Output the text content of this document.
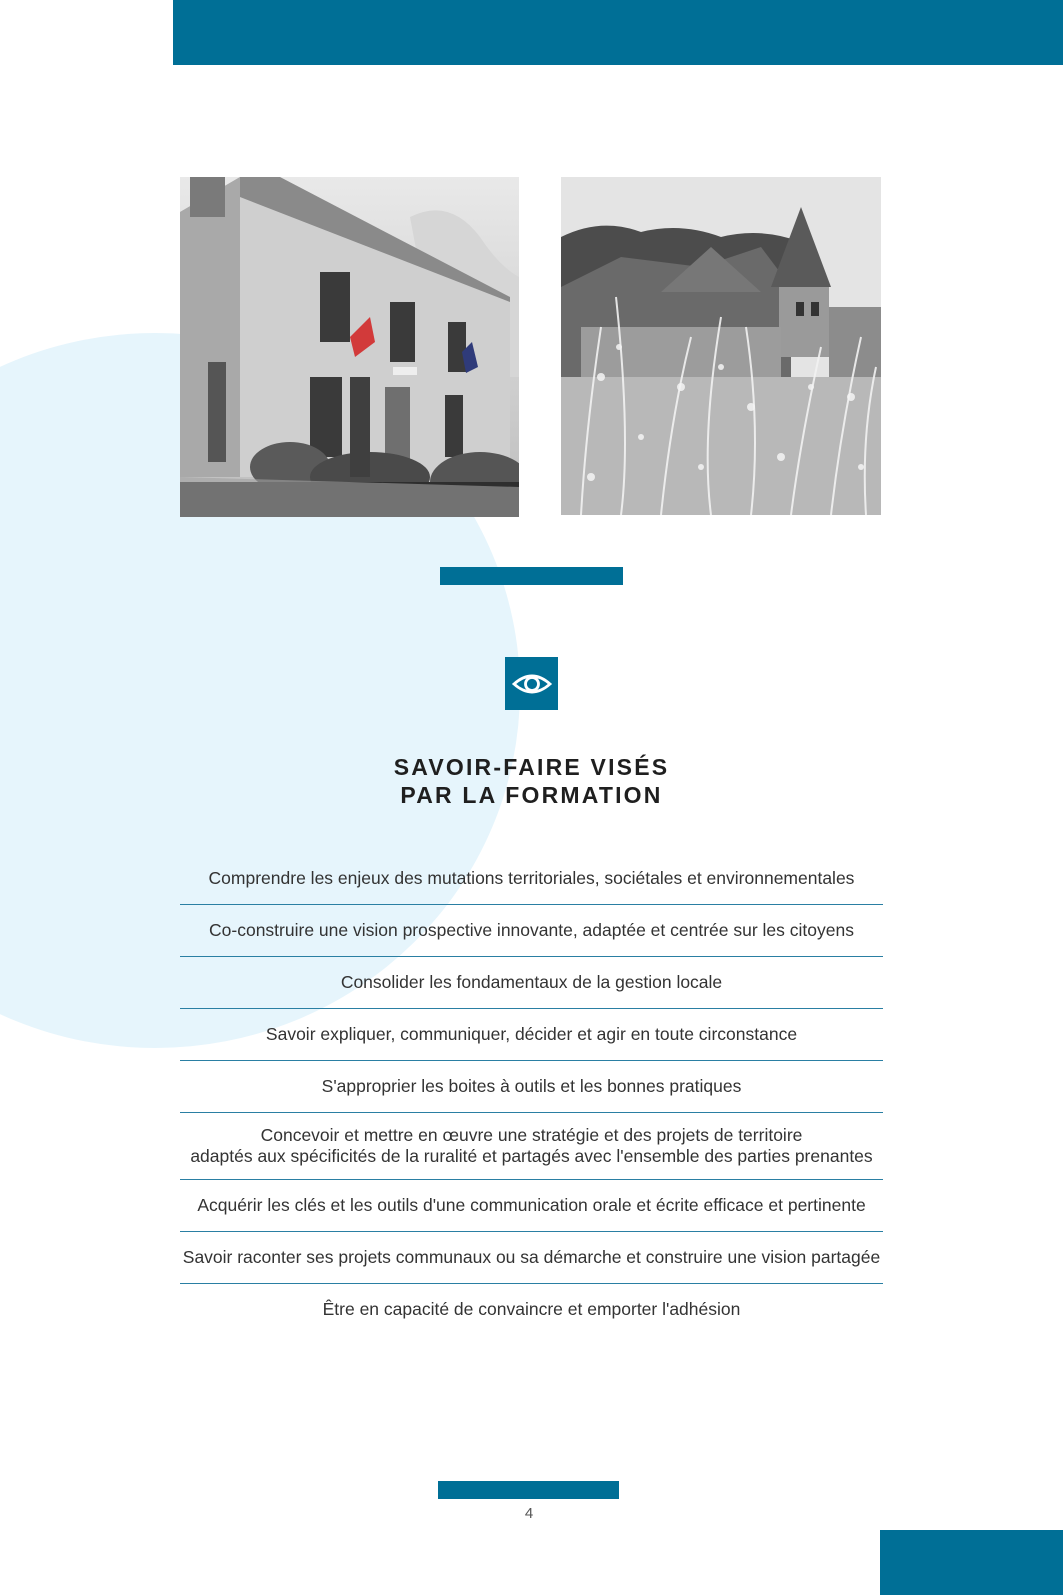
SAVOIR-FAIRE VISÉS
PAR LA FORMATION
Comprendre les enjeux des mutations territoriales, sociétales et environnementales
Co-construire une vision prospective innovante, adaptée et centrée sur les citoyens
Consolider les fondamentaux de la gestion locale
Savoir expliquer, communiquer, décider et agir en toute circonstance
S'approprier les boites à outils et les bonnes pratiques
Concevoir et mettre en œuvre une stratégie et des projets de territoire
adaptés aux spécificités de la ruralité et partagés avec l'ensemble des parties prenantes
Acquérir les clés et les outils d'une communication orale et écrite efficace et pertinente
Savoir raconter ses projets communaux ou sa démarche et construire une vision partagée
Être en capacité de convaincre et emporter l'adhésion
4
